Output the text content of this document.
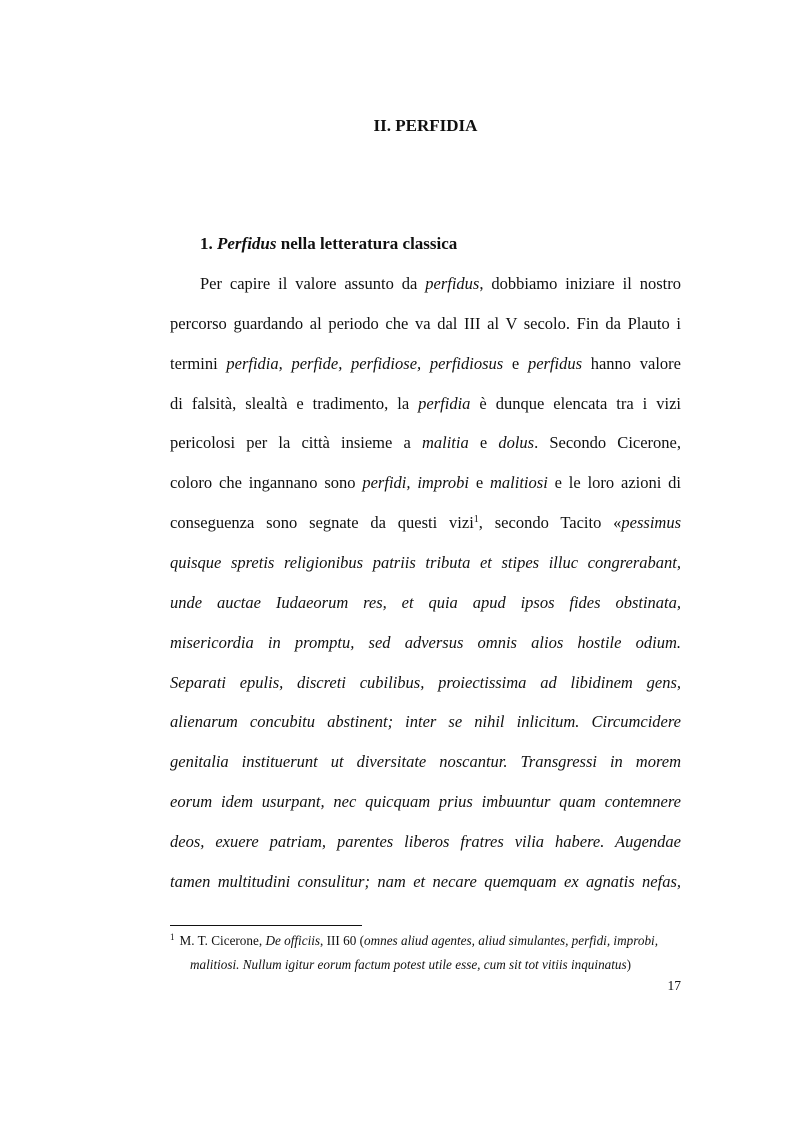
II. PERFIDIA
1. Perfidus nella letteratura classica
Per capire il valore assunto da perfidus, dobbiamo iniziare il nostro
percorso guardando al periodo che va dal III al V secolo. Fin da Plauto i
termini perfidia, perfide, perfidiose, perfidiosus e perfidus hanno valore
di falsità, slealtà e tradimento, la perfidia è dunque elencata tra i vizi
pericolosi per la città insieme a malitia e dolus. Secondo Cicerone,
coloro che ingannano sono perfidi, improbi e malitiosi e le loro azioni di
conseguenza sono segnate da questi vizi$^1$, secondo Tacito «pessimus
quisque spretis religionibus patriis tributa et stipes illuc congrerabant,
unde auctae Iudaeorum res, et quia apud ipsos fides obstinata,
misericordia in promptu, sed adversus omnis alios hostile odium.
Separati epulis, discreti cubilibus, proiectissima ad libidinem gens,
alienarum concubitu abstinent; inter se nihil inlicitum. Circumcidere
genitalia instituerunt ut diversitate noscantur. Transgressi in morem
eorum idem usurpant, nec quicquam prius imbuuntur quam contemnere
deos, exuere patriam, parentes liberos fratres vilia habere. Augendae
tamen multitudini consulitur; nam et necare quemquam ex agnatis nefas,
$^1$ M. T. Cicerone, De officiis, III 60 (omnes aliud agentes, aliud simulantes, perfidi, improbi,
malitiosi. Nullum igitur eorum factum potest utile esse, cum sit tot vitiis inquinatus)
17
